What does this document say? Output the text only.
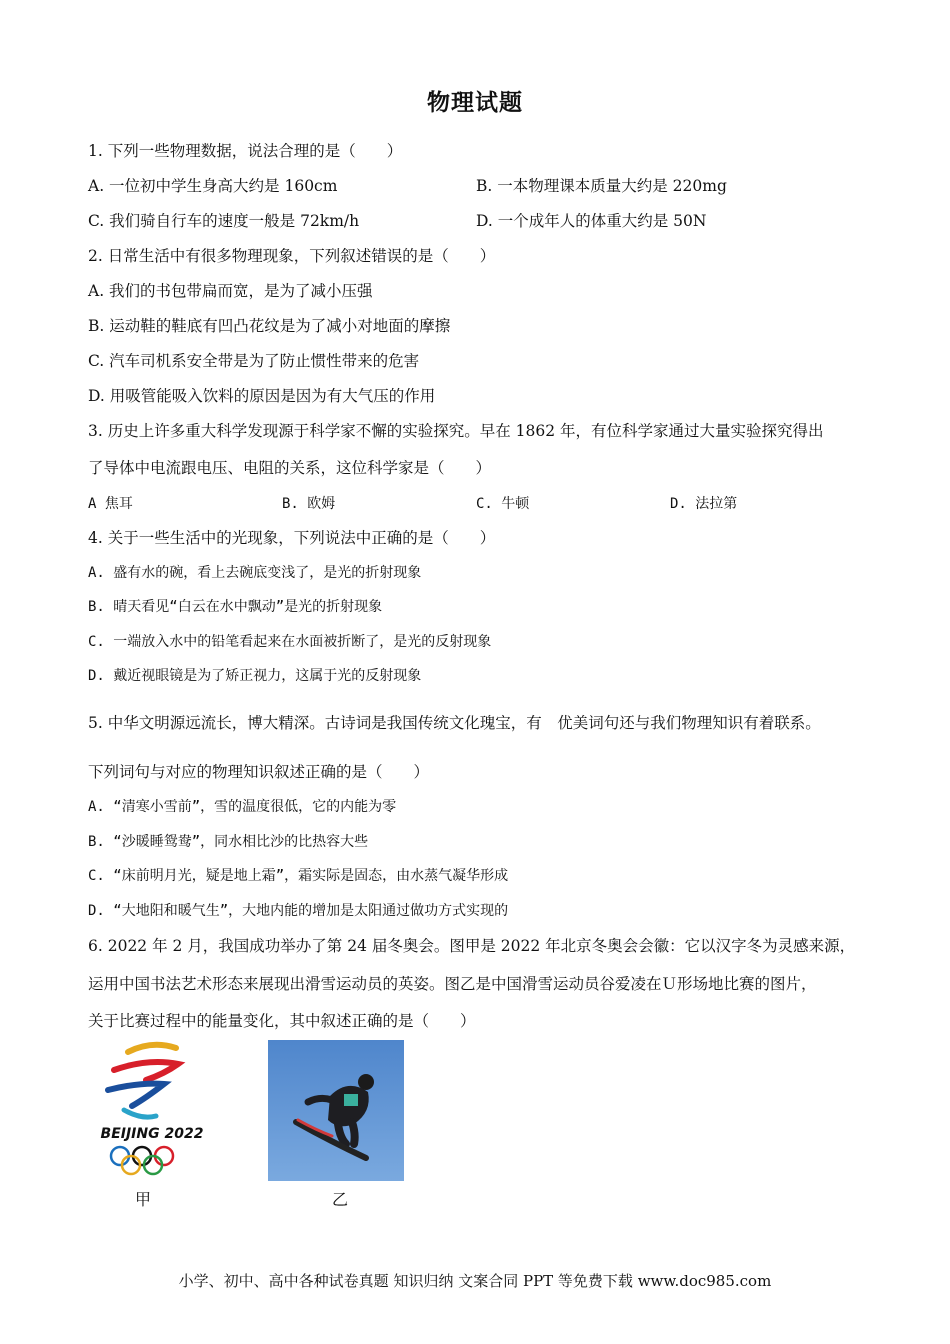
物理试题
1. 下列一些物理数据，说法合理的是（　　）
A. 一位初中学生身高大约是 160cm	B. 一本物理课本质量大约是 220mg
C. 我们骑自行车的速度一般是 72km/h	D. 一个成年人的体重大约是 50N
2. 日常生活中有很多物理现象，下列叙述错误的是（　　）
A. 我们的书包带扁而宽，是为了减小压强
B. 运动鞋的鞋底有凹凸花纹是为了减小对地面的摩擦
C. 汽车司机系安全带是为了防止惯性带来的危害
D. 用吸管能吸入饮料的原因是因为有大气压的作用
3. 历史上许多重大科学发现源于科学家不懈的实验探究。早在 1862 年，有位科学家通过大量实验探究得出
了导体中电流跟电压、电阻的关系，这位科学家是（　　）
A 焦耳	B. 欧姆	C. 牛顿	D. 法拉第
4. 关于一些生活中的光现象，下列说法中正确的是（　　）
A. 盛有水的碗，看上去碗底变浅了，是光的折射现象
B. 晴天看见“白云在水中飘动”是光的折射现象
C. 一端放入水中的铅笔看起来在水面被折断了，是光的反射现象
D. 戴近视眼镜是为了矫正视力，这属于光的反射现象
5. 中华文明源远流长，博大精深。古诗词是我国传统文化瑰宝，有　优美词句还与我们物理知识有着联系。
下列词句与对应的物理知识叙述正确的是（　　）
A. “清寒小雪前”，雪的温度很低，它的内能为零
B. “沙暖睡鸳鸯”，同水相比沙的比热容大些
C. “床前明月光，疑是地上霜”，霜实际是固态，由水蒸气凝华形成
D. “大地阳和暖气生”，大地内能的增加是太阳通过做功方式实现的
6. 2022 年 2 月，我国成功举办了第 24 届冬奥会。图甲是 2022 年北京冬奥会会徽：它以汉字冬为灵感来源，
运用中国书法艺术形态来展现出滑雪运动员的英姿。图乙是中国滑雪运动员谷爱凌在Ｕ形场地比赛的图片，
关于比赛过程中的能量变化，其中叙述正确的是（　　）
BEIJING 2022
甲	乙
小学、初中、高中各种试卷真题 知识归纳 文案合同 PPT 等免费下载 www.doc985.com
